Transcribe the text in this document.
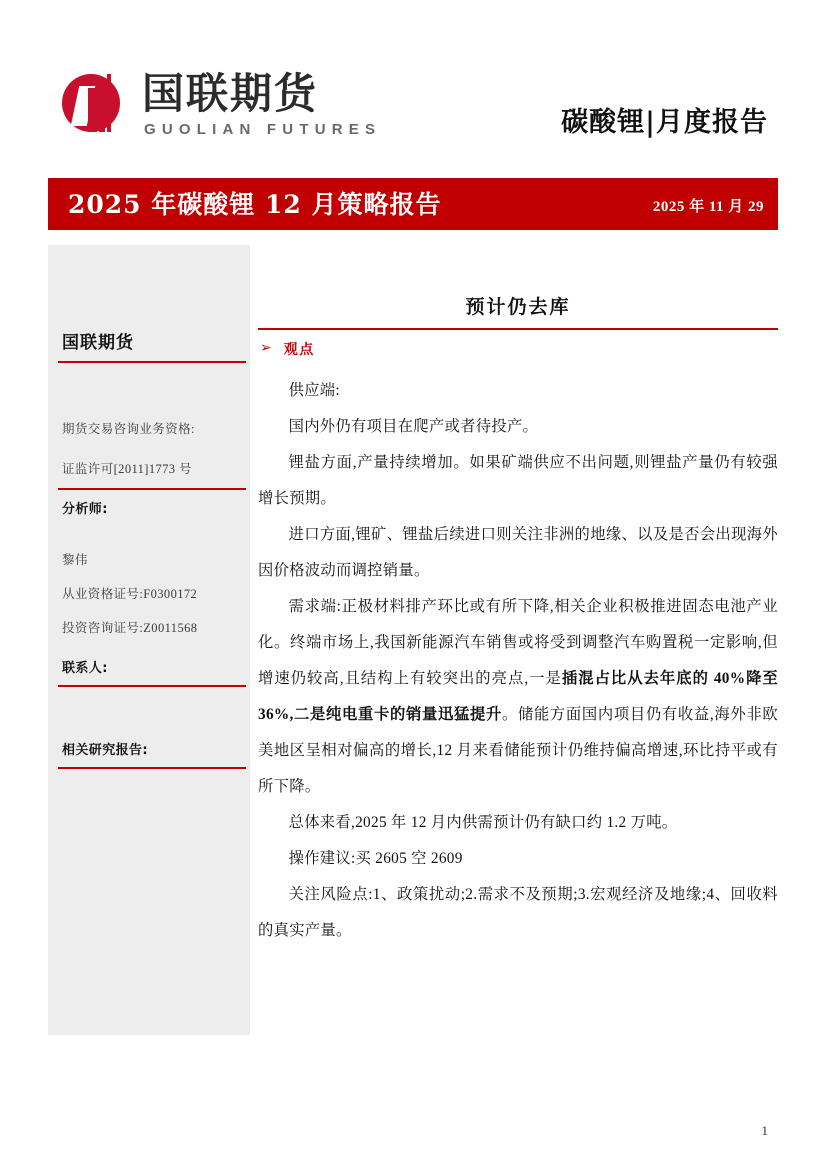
国联期货
GUOLIAN FUTURES	碳酸锂|月度报告
2025 年碳酸锂 12 月策略报告	2025 年 11 月 29
国联期货
期货交易咨询业务资格:
证监许可[2011]1773 号
分析师:
黎伟
从业资格证号:F0300172
投资咨询证号:Z0011568
联系人:
相关研究报告:
预计仍去库
➢ 观点

供应端:

国内外仍有项目在爬产或者待投产。

锂盐方面,产量持续增加。如果矿端供应不出问题,则锂盐产量仍有较强增长预期。

进口方面,锂矿、锂盐后续进口则关注非洲的地缘、以及是否会出现海外因价格波动而调控销量。

需求端:正极材料排产环比或有所下降,相关企业积极推进固态电池产业化。终端市场上,我国新能源汽车销售或将受到调整汽车购置税一定影响,但增速仍较高,且结构上有较突出的亮点,一是插混占比从去年底的 40%降至 36%,二是纯电重卡的销量迅猛提升。储能方面国内项目仍有收益,海外非欧美地区呈相对偏高的增长,12 月来看储能预计仍维持偏高增速,环比持平或有所下降。

总体来看,2025 年 12 月内供需预计仍有缺口约 1.2 万吨。

操作建议:买 2605 空 2609

关注风险点:1、政策扰动;2.需求不及预期;3.宏观经济及地缘;4、回收料的真实产量。

1
